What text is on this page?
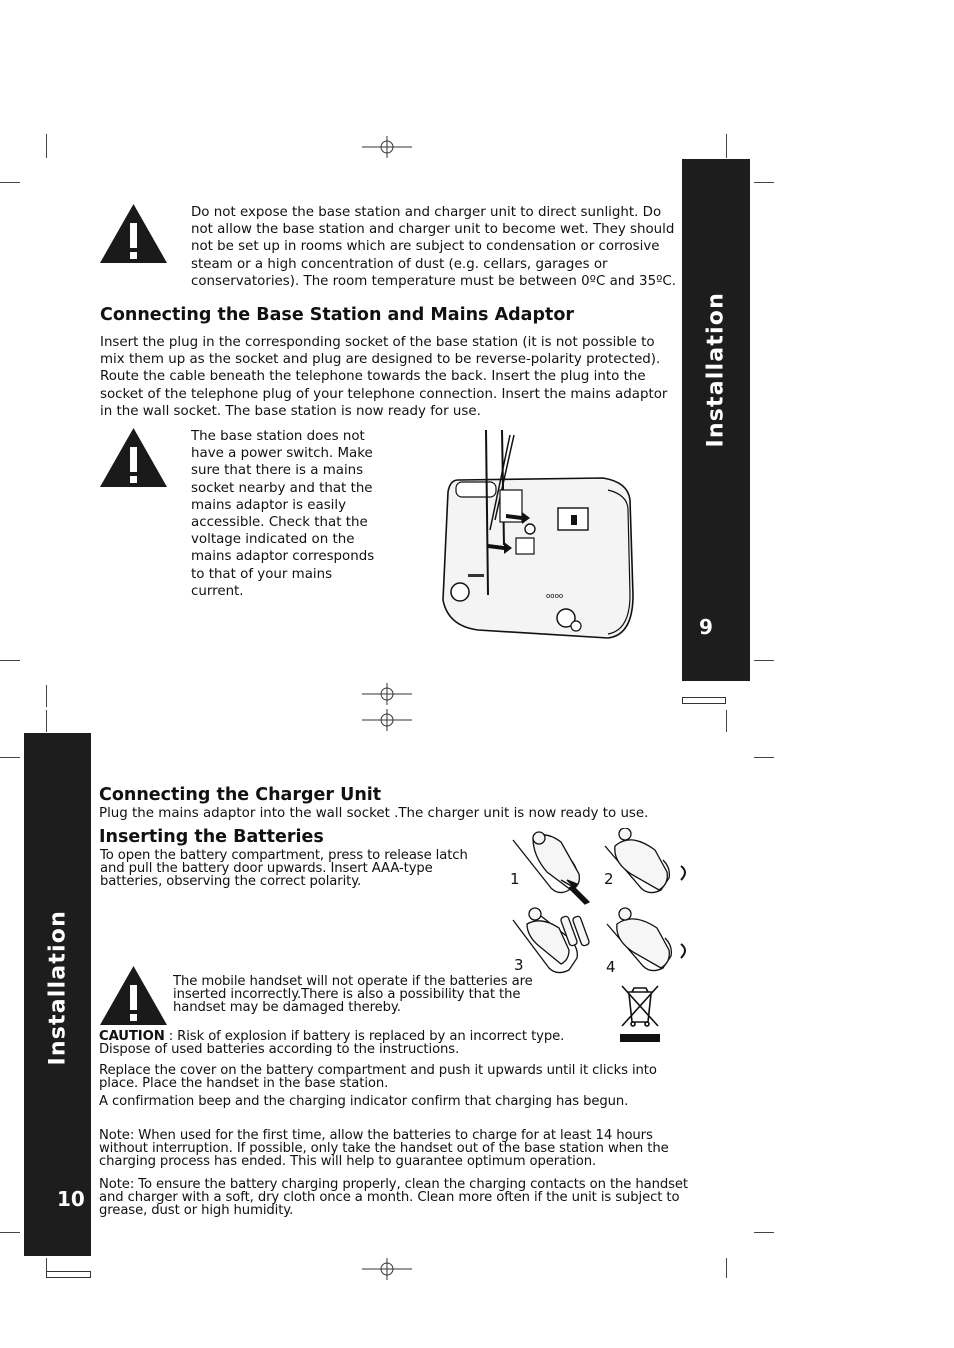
Installation
9
Do not expose the base station and charger unit to direct sunlight. Do not allow the base station and charger unit to become wet. They should not be set up in rooms which are subject to condensation or corrosive steam or a high concentration of dust (e.g. cellars, garages or conservatories). The room temperature must be between 0ºC and 35ºC.
Connecting the Base Station and Mains Adaptor
Insert the plug in the corresponding socket of the base station (it is not possible to mix them up as the socket and plug are designed to be reverse-polarity protected). Route the cable beneath the telephone towards the back. Insert the plug into the socket of the telephone plug of your telephone connection. Insert the mains adaptor in the wall socket. The base station is now ready for use.
The base station does not have a power switch. Make sure that there is a mains socket nearby and that the mains adaptor is easily accessible. Check that the voltage indicated on the mains adaptor corresponds to that of your mains current.	oooo
Installation
10
Connecting the Charger Unit
Plug the mains adaptor into the wall socket .The charger unit is now ready to use.
Inserting the Batteries
To open the battery compartment, press to release latch and pull the battery door upwards. Insert AAA-type batteries, observing the correct polarity.	1	2
3	4
The mobile handset will not operate if the batteries are inserted incorrectly.There is also a possibility that the handset may be damaged thereby.
CAUTION : Risk of explosion if battery is replaced by an incorrect type. Dispose of used batteries according to the instructions.
Replace the cover on the battery compartment and push it upwards until it clicks into place. Place the handset in the base station.
A confirmation beep and the charging indicator confirm that charging has begun.
Note: When used for the first time, allow the batteries to charge for at least 14 hours without interruption. If possible, only take the handset out of the base station when the charging process has ended. This will help to guarantee optimum operation.
Note: To ensure the battery charging properly, clean the charging contacts on the handset and charger with a soft, dry cloth once a month. Clean more often if the unit is subject to grease, dust or high humidity.
